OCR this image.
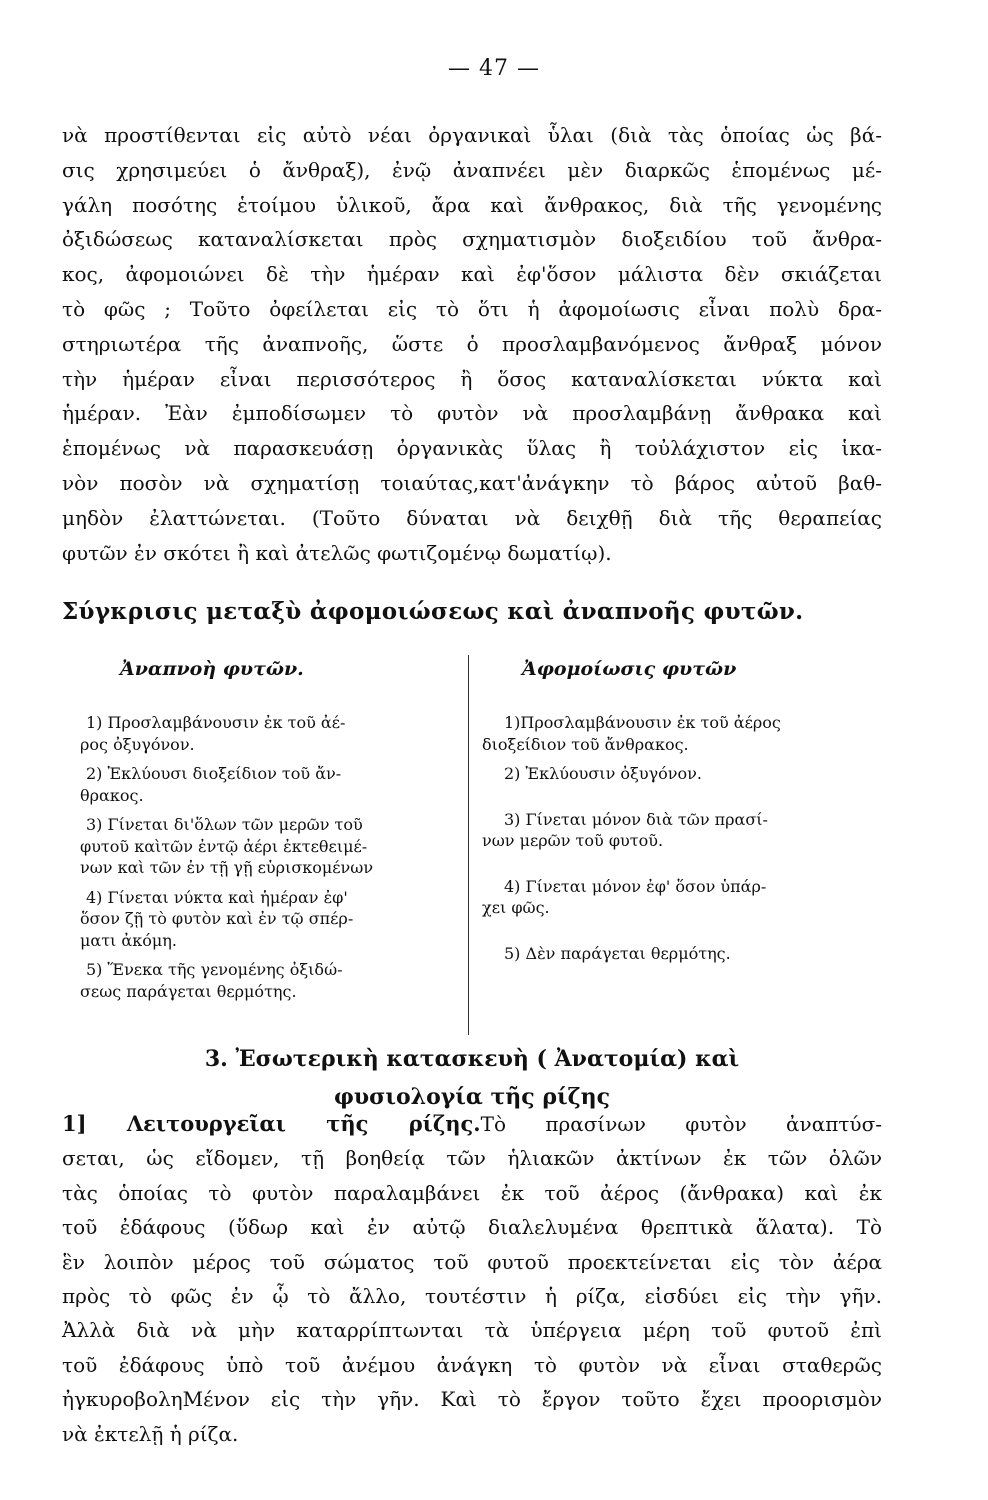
— 47 —
νὰ προστίθενται εἰς αὐτὸ νέαι ὀργανικαὶ ὗλαι (διὰ τὰς ὁποίας ὡς βά-
σις χρησιμεύει ὁ ἄνθραξ), ἐνῷ ἀναπνέει μὲν διαρκῶς ἑπομένως μέ-
γάλη ποσότης ἑτοίμου ὑλικοῦ, ἄρα καὶ ἄνθρακος, διὰ τῆς γενομένης
ὀξιδώσεως καταναλίσκεται πρὸς σχηματισμὸν διοξειδίου τοῦ ἄνθρα-
κος, ἀφομοιώνει δὲ τὴν ἡμέραν καὶ ἐφ'ὅσον μάλιστα δὲν σκιάζεται
τὸ φῶς ; Τοῦτο ὀφείλεται εἰς τὸ ὅτι ἡ ἀφομοίωσις εἶναι πολὺ δρα-
στηριωτέρα τῆς ἀναπνοῆς, ὥστε ὁ προσλαμβανόμενος ἄνθραξ μόνον
τὴν ἡμέραν εἶναι περισσότερος ἢ ὅσος καταναλίσκεται νύκτα καὶ
ἡμέραν. Ἐὰν ἐμποδίσωμεν τὸ φυτὸν νὰ προσλαμβάνῃ ἄνθρακα καὶ
ἑπομένως νὰ παρασκευάσῃ ὀργανικὰς ὕλας ἢ τοὐλάχιστον εἰς ἱκα-
νὸν ποσὸν νὰ σχηματίσῃ τοιαύτας,κατ'ἀνάγκην τὸ βάρος αὐτοῦ βαθ-
μηδὸν ἐλαττώνεται. (Τοῦτο δύναται νὰ δειχθῇ διὰ τῆς θεραπείας
φυτῶν ἐν σκότει ἢ καὶ ἀτελῶς φωτιζομένῳ δωματίῳ).
Σύγκρισις μεταξὺ ἀφομοιώσεως καὶ ἀναπνοῆς φυτῶν.
Ἀναπνοὴ φυτῶν.
1) Προσλαμβάνουσιν ἐκ τοῦ ἀέ-
ρος ὀξυγόνον.
2) Ἐκλύουσι διοξείδιον τοῦ ἄν-
θρακος.
3) Γίνεται δι'ὅλων τῶν μερῶν τοῦ
φυτοῦ καὶτῶν ἐντῷ ἀέρι ἐκτεθειμέ-
νων καὶ τῶν ἐν τῇ γῇ εὑρισκομένων
4) Γίνεται νύκτα καὶ ἡμέραν ἐφ'
ὅσον ζῇ τὸ φυτὸν καὶ ἐν τῷ σπέρ-
ματι ἀκόμη.
5) Ἕνεκα τῆς γενομένης ὀξιδώ-
σεως παράγεται θερμότης.
Ἀφομοίωσις φυτῶν
1)Προσλαμβάνουσιν ἐκ τοῦ ἀέρος
διοξείδιον τοῦ ἄνθρακος.
2) Ἐκλύουσιν ὀξυγόνον.
3) Γίνεται μόνον διὰ τῶν πρασί-
νων μερῶν τοῦ φυτοῦ.
4) Γίνεται μόνον ἐφ' ὅσον ὑπάρ-
χει φῶς.
5) Δὲν παράγεται θερμότης.
3. Ἐσωτερικὴ κατασκευὴ ( Ἀνατομία) καὶ
φυσιολογία τῆς ρίζης
1] Λειτουργεῖαι τῆς ρίζης.Τὸ πρασίνων φυτὸν ἀναπτύσ-
σεται, ὡς εἴδομεν, τῇ βοηθείᾳ τῶν ἡλιακῶν ἀκτίνων ἐκ τῶν ὁλῶν
τὰς ὁποίας τὸ φυτὸν παραλαμβάνει ἐκ τοῦ ἀέρος (ἄνθρακα) καὶ ἐκ
τοῦ ἐδάφους (ὕδωρ καὶ ἐν αὐτῷ διαλελυμένα θρεπτικὰ ἅλατα). Τὸ
ἓν λοιπὸν μέρος τοῦ σώματος τοῦ φυτοῦ προεκτείνεται εἰς τὸν ἀέρα
πρὸς τὸ φῶς ἐν ᾧ τὸ ἄλλο, τουτέστιν ἡ ρίζα, εἰσδύει εἰς τὴν γῆν.
Ἀλλὰ διὰ νὰ μὴν καταρρίπτωνται τὰ ὑπέργεια μέρη τοῦ φυτοῦ ἐπὶ
τοῦ ἐδάφους ὑπὸ τοῦ ἀνέμου ἀνάγκη τὸ φυτὸν νὰ εἶναι σταθερῶς
ἠγκυροβοληΜένον εἰς τὴν γῆν. Καὶ τὸ ἔργον τοῦτο ἔχει προορισμὸν
νὰ ἐκτελῇ ἡ ρίζα.
